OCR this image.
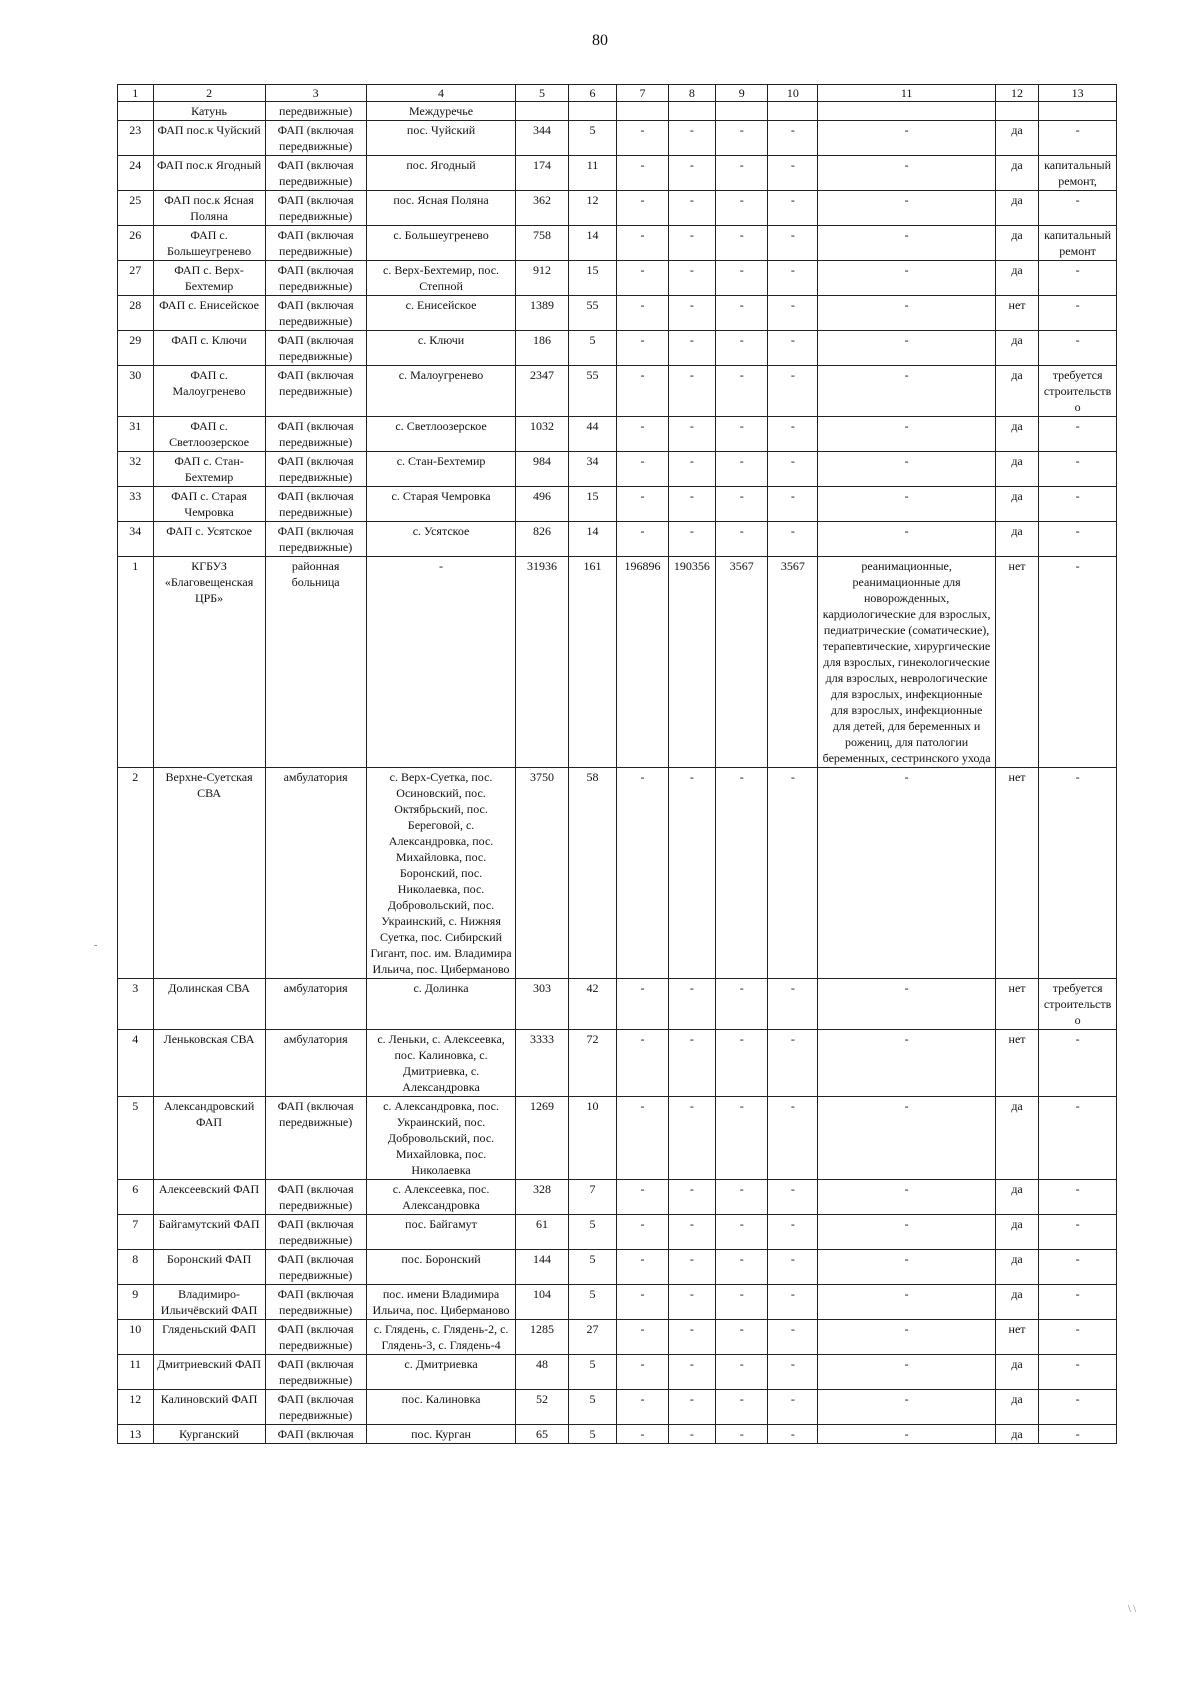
80
1	2	3	4	5	6	7	8	9	10	11	12	13
	Катунь	передвижные)	Междуречье									
23	ФАП пос.к Чуйский	ФАП (включая передвижные)	пос. Чуйский	344	5	-	-	-	-	-	да	-
24	ФАП пос.к Ягодный	ФАП (включая передвижные)	пос. Ягодный	174	11	-	-	-	-	-	да	капитальный ремонт,
25	ФАП пос.к Ясная Поляна	ФАП (включая передвижные)	пос. Ясная Поляна	362	12	-	-	-	-	-	да	-
26	ФАП с. Большеугренево	ФАП (включая передвижные)	с. Большеугренево	758	14	-	-	-	-	-	да	капитальный ремонт
27	ФАП с. Верх-Бехтемир	ФАП (включая передвижные)	с. Верх-Бехтемир, пос. Степной	912	15	-	-	-	-	-	да	-
28	ФАП с. Енисейское	ФАП (включая передвижные)	с. Енисейское	1389	55	-	-	-	-	-	нет	-
29	ФАП с. Ключи	ФАП (включая передвижные)	с. Ключи	186	5	-	-	-	-	-	да	-
30	ФАП с. Малоугренево	ФАП (включая передвижные)	с. Малоугренево	2347	55	-	-	-	-	-	да	требуется строительство
31	ФАП с. Светлоозерское	ФАП (включая передвижные)	с. Светлоозерское	1032	44	-	-	-	-	-	да	-
32	ФАП с. Стан-Бехтемир	ФАП (включая передвижные)	с. Стан-Бехтемир	984	34	-	-	-	-	-	да	-
33	ФАП с. Старая Чемровка	ФАП (включая передвижные)	с. Старая Чемровка	496	15	-	-	-	-	-	да	-
34	ФАП с. Усятское	ФАП (включая передвижные)	с. Усятское	826	14	-	-	-	-	-	да	-
1	КГБУЗ «Благовещенская ЦРБ»	районная больница	-	31936	161	196896	190356	3567	3567	реанимационные, реанимационные для новорожденных, кардиологические для взрослых, педиатрические (соматические), терапевтические, хирургические для взрослых, гинекологические для взрослых, неврологические для взрослых, инфекционные для взрослых, инфекционные для детей, для беременных и рожениц, для патологии беременных, сестринского ухода	нет	-
2	Верхне-Суетская СВА	амбулатория	с. Верх-Суетка, пос. Осиновский, пос. Октябрьский, пос. Береговой, с. Александровка, пос. Михайловка, пос. Боронский, пос. Николаевка, пос. Добровольский, пос. Украинский, с. Нижняя Суетка, пос. Сибирский Гигант, пос. им. Владимира Ильича, пос. Циберманово	3750	58	-	-	-	-	-	нет	-
3	Долинская СВА	амбулатория	с. Долинка	303	42	-	-	-	-	-	нет	требуется строительство
4	Леньковская СВА	амбулатория	с. Леньки, с. Алексеевка, пос. Калиновка, с. Дмитриевка, с. Александровка	3333	72	-	-	-	-	-	нет	-
5	Александровский ФАП	ФАП (включая передвижные)	с. Александровка, пос. Украинский, пос. Добровольский, пос. Михайловка, пос. Николаевка	1269	10	-	-	-	-	-	да	-
6	Алексеевский ФАП	ФАП (включая передвижные)	с. Алексеевка, пос. Александровка	328	7	-	-	-	-	-	да	-
7	Байгамутский ФАП	ФАП (включая передвижные)	пос. Байгамут	61	5	-	-	-	-	-	да	-
8	Боронский ФАП	ФАП (включая передвижные)	пос. Боронский	144	5	-	-	-	-	-	да	-
9	Владимиро-Ильичёвский ФАП	ФАП (включая передвижные)	пос. имени Владимира Ильича, пос. Циберманово	104	5	-	-	-	-	-	да	-
10	Гляденьский ФАП	ФАП (включая передвижные)	с. Глядень, с. Глядень-2, с. Глядень-3, с. Глядень-4	1285	27	-	-	-	-	-	нет	-
11	Дмитриевский ФАП	ФАП (включая передвижные)	с. Дмитриевка	48	5	-	-	-	-	-	да	-
12	Калиновский ФАП	ФАП (включая передвижные)	пос. Калиновка	52	5	-	-	-	-	-	да	-
13	Курганский	ФАП (включая	пос. Курган	65	5	-	-	-	-	-	да	-
-
\ \
